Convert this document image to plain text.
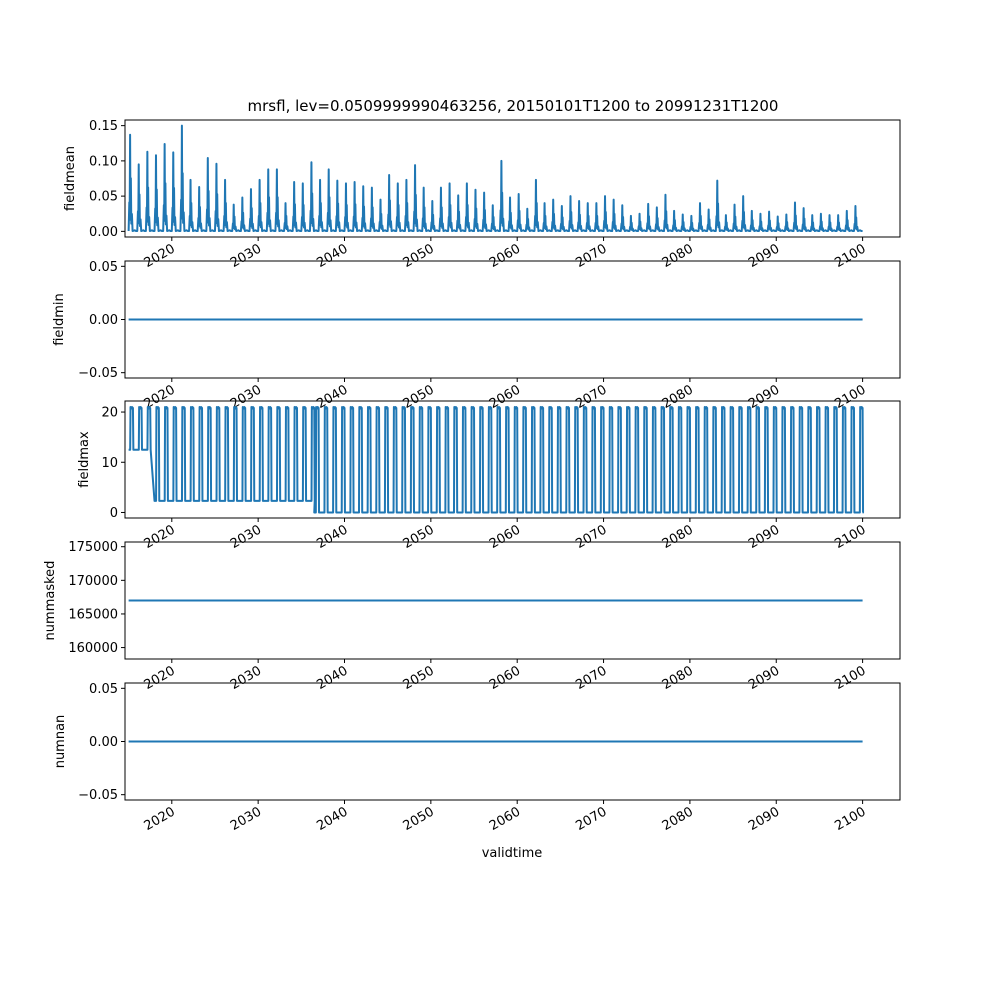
mrsfl, lev=0.0509999990463256, 20150101T1200 to 20991231T1200
0.00
0.05
0.10
0.15
fieldmean
2020	2030	2040	2050	2060	2070	2080	2090	2100
−0.05
0.00
0.05
fieldmin
2020	2030	2040	2050	2060	2070	2080	2090	2100
0
10
20
fieldmax
2020	2030	2040	2050	2060	2070	2080	2090	2100
160000
165000
170000
175000
nummasked
2020	2030	2040	2050	2060	2070	2080	2090	2100
−0.05
0.00
0.05
numnan
2020	2030	2040	2050	2060	2070	2080	2090	2100
validtime
